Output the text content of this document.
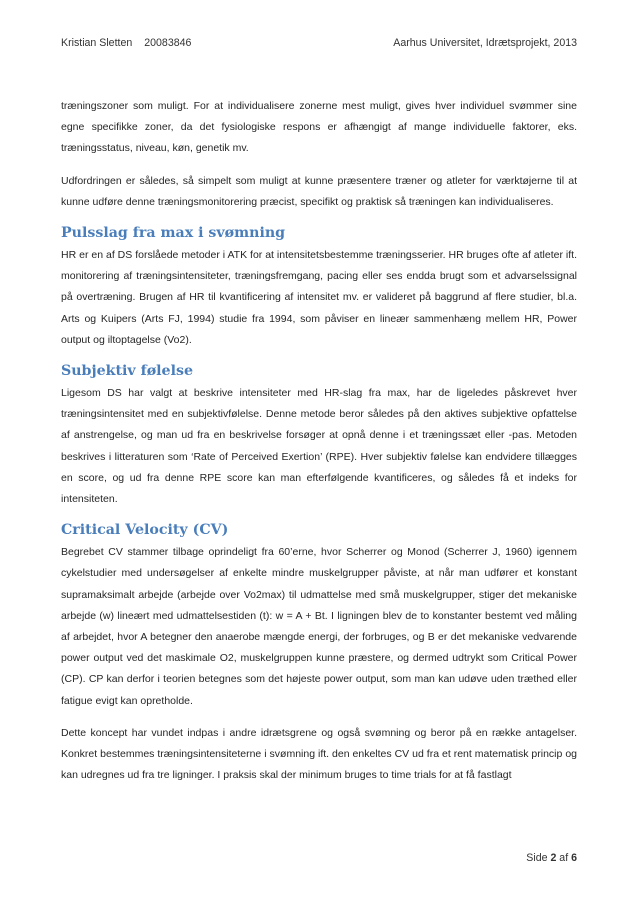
Kristian Sletten 20083846	Aarhus Universitet, Idrætsprojekt, 2013

træningszoner som muligt. For at individualisere zonerne mest muligt, gives hver individuel svømmer sine egne specifikke zoner, da det fysiologiske respons er afhængigt af mange individuelle faktorer, eks. træningsstatus, niveau, køn, genetik mv.

Udfordringen er således, så simpelt som muligt at kunne præsentere træner og atleter for værktøjerne til at kunne udføre denne træningsmonitorering præcist, specifikt og praktisk så træningen kan individualiseres.

Pulsslag fra max i svømning

HR er en af DS forslåede metoder i ATK for at intensitetsbestemme træningsserier. HR bruges ofte af atleter ift. monitorering af træningsintensiteter, træningsfremgang, pacing eller ses endda brugt som et advarselssignal på overtræning. Brugen af HR til kvantificering af intensitet mv. er valideret på baggrund af flere studier, bl.a. Arts og Kuipers (Arts FJ, 1994) studie fra 1994, som påviser en lineær sammenhæng mellem HR, Power output og iltoptagelse (Vo2).

Subjektiv følelse

Ligesom DS har valgt at beskrive intensiteter med HR-slag fra max, har de ligeledes påskrevet hver træningsintensitet med en subjektivfølelse. Denne metode beror således på den aktives subjektive opfattelse af anstrengelse, og man ud fra en beskrivelse forsøger at opnå denne i et træningssæt eller -pas. Metoden beskrives i litteraturen som ‘Rate of Perceived Exertion’ (RPE). Hver subjektiv følelse kan endvidere tillægges en score, og ud fra denne RPE score kan man efterfølgende kvantificeres, og således få et indeks for intensiteten.

Critical Velocity (CV)

Begrebet CV stammer tilbage oprindeligt fra 60’erne, hvor Scherrer og Monod (Scherrer J, 1960) igennem cykelstudier med undersøgelser af enkelte mindre muskelgrupper påviste, at når man udfører et konstant supramaksimalt arbejde (arbejde over Vo2max) til udmattelse med små muskelgrupper, stiger det mekaniske arbejde (w) lineært med udmattelsestiden (t): w = A + Bt. I ligningen blev de to konstanter bestemt ved måling af arbejdet, hvor A betegner den anaerobe mængde energi, der forbruges, og B er det mekaniske vedvarende power output ved det maskimale O2, muskelgruppen kunne præstere, og dermed udtrykt som Critical Power (CP). CP kan derfor i teorien betegnes som det højeste power output, som man kan udøve uden træthed eller fatigue evigt kan opretholde.

Dette koncept har vundet indpas i andre idrætsgrene og også svømning og beror på en række antagelser. Konkret bestemmes træningsintensiteterne i svømning ift. den enkeltes CV ud fra et rent matematisk princip og kan udregnes ud fra tre ligninger. I praksis skal der minimum bruges to time trials for at få fastlagt

Side 2 af 6
